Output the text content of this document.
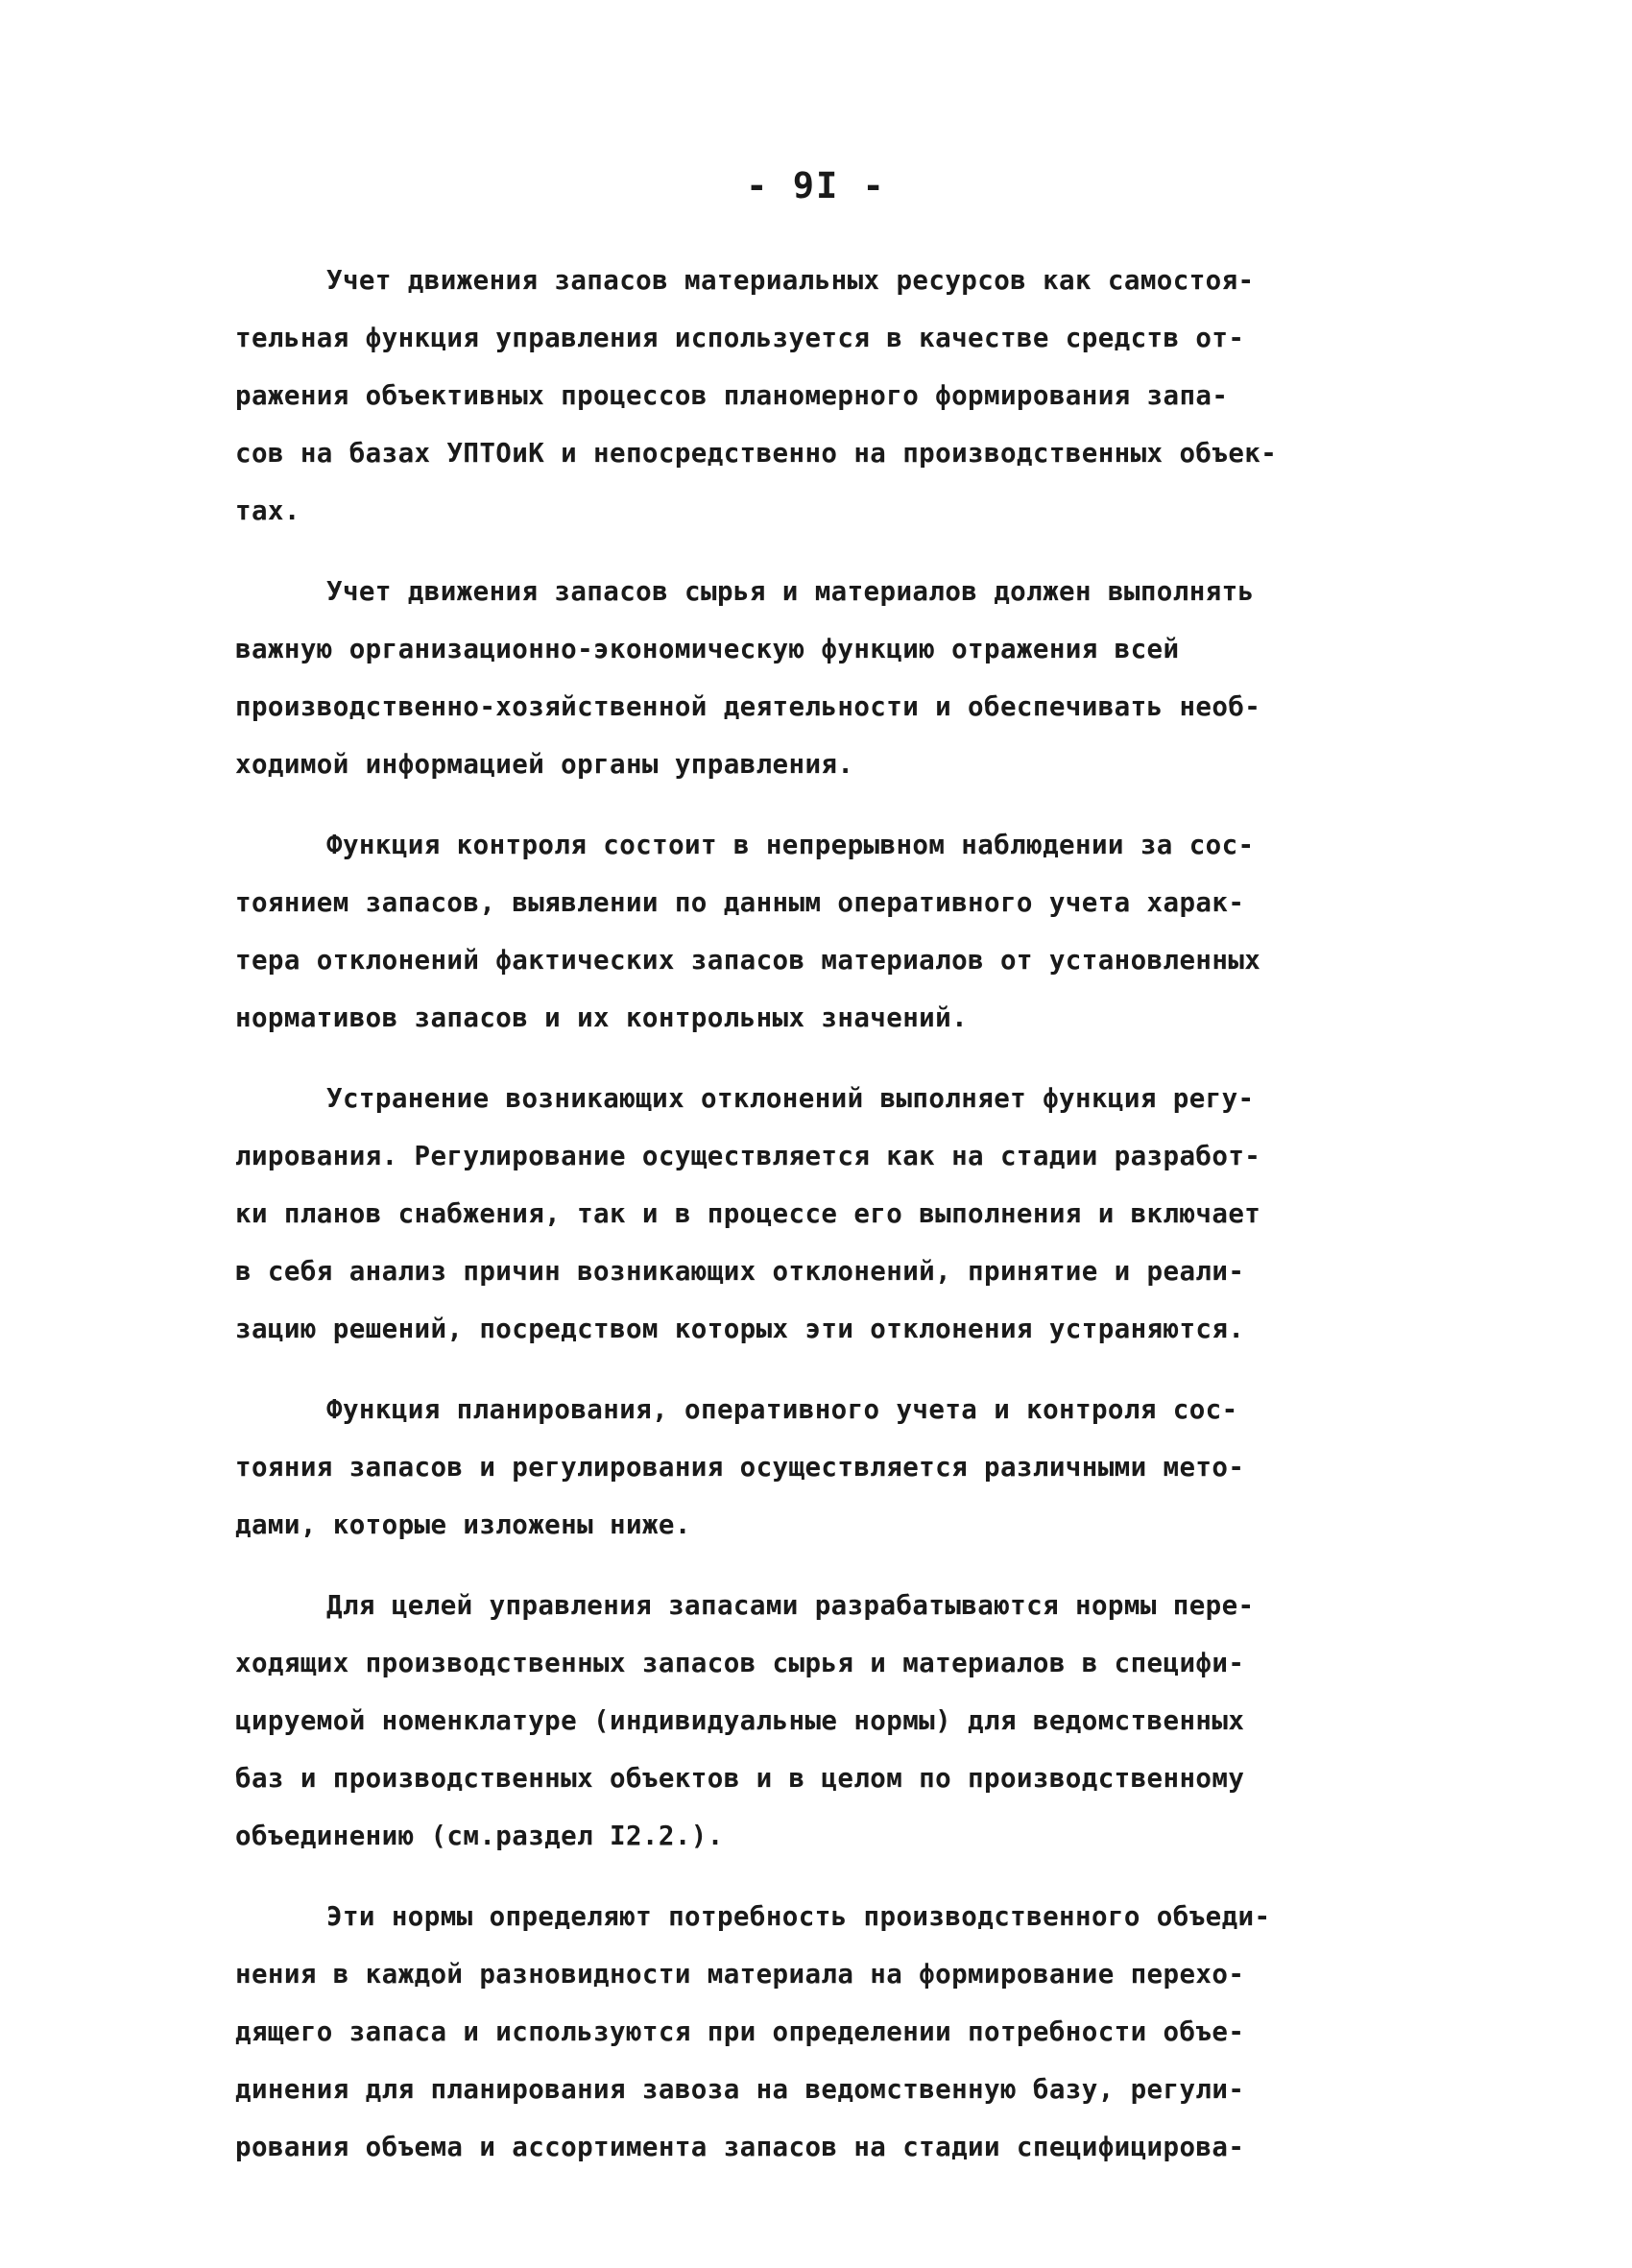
- 9I -

Учет движения запасов материальных ресурсов как самостоя-
тельная функция управления используется в качестве средств от-
ражения объективных процессов планомерного формирования запа-
сов на базах УПТОиК и непосредственно на производственных объек-
тах.

Учет движения запасов сырья и материалов должен выполнять
важную организационно-экономическую функцию отражения всей
производственно-хозяйственной деятельности и обеспечивать необ-
ходимой информацией органы управления.

Функция контроля состоит в непрерывном наблюдении за сос-
тоянием запасов, выявлении по данным оперативного учета харак-
тера отклонений фактических запасов материалов от установленных
нормативов запасов и их контрольных значений.

Устранение возникающих отклонений выполняет функция регу-
лирования. Регулирование осуществляется как на стадии разработ-
ки планов снабжения, так и в процессе его выполнения и включает
в себя анализ причин возникающих отклонений, принятие и реали-
зацию решений, посредством которых эти отклонения устраняются.

Функция планирования, оперативного учета и контроля сос-
тояния запасов и регулирования осуществляется различными мето-
дами, которые изложены ниже.

Для целей управления запасами разрабатываются нормы пере-
ходящих производственных запасов сырья и материалов в специфи-
цируемой номенклатуре (индивидуальные нормы) для ведомственных
баз и производственных объектов и в целом по производственному
объединению (см.раздел I2.2.).

Эти нормы определяют потребность производственного объеди-
нения в каждой разновидности материала на формирование перехо-
дящего запаса и используются при определении потребности объе-
динения для планирования завоза на ведомственную базу, регули-
рования объема и ассортимента запасов на стадии специфицирова-
